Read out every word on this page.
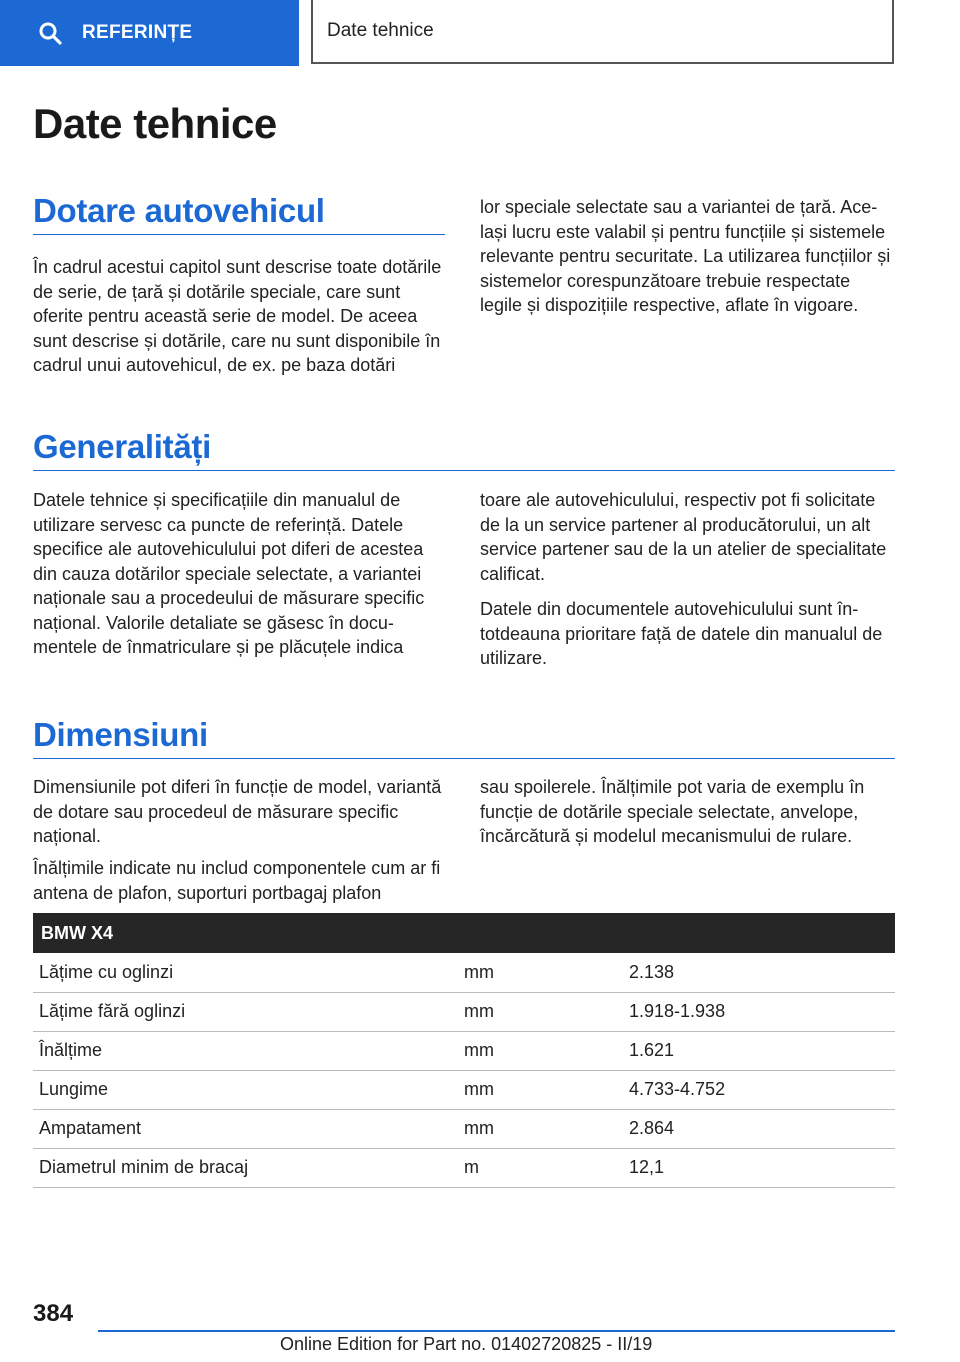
REFERINȚE	Date tehnice
Date tehnice
Dotare autovehicul

În cadrul acestui capitol sunt descrise toate dotările de serie, de țară și dotările speciale, care sunt oferite pentru această serie de model. De aceea sunt descrise și dotările, care nu sunt disponibile în cadrul unui autovehicul, de ex. pe baza dotări

lor speciale selectate sau a variantei de țară. Același lucru este valabil și pentru funcțiile și sistemele relevante pentru securitate. La utilizarea funcțiilor și sistemelor corespunzătoare trebuie respectate legile și dispozițiile respective, aflate în vigoare.

Generalități

Datele tehnice și specificațiile din manualul de utilizare servesc ca puncte de referință. Datele specifice ale autovehiculului pot diferi de acestea din cauza dotărilor speciale selectate, a variantei naționale sau a procedeului de măsurare specific național. Valorile detaliate se găsesc în documentele de înmatriculare și pe plăcuțele indica

toare ale autovehiculului, respectiv pot fi solicitate de la un service partener al producătorului, un alt service partener sau de la un atelier de specialitate calificat.

Datele din documentele autovehiculului sunt întotdeauna prioritare față de datele din manualul de utilizare.

Dimensiuni

Dimensiunile pot diferi în funcție de model, variantă de dotare sau procedeul de măsurare specific național.

Înălțimile indicate nu includ componentele cum ar fi antena de plafon, suporturi portbagaj plafon

sau spoilerele. Înălțimile pot varia de exemplu în funcție de dotările speciale selectate, anvelope, încărcătură și modelul mecanismului de rulare.

BMW X4		
Lățime cu oglinzi	mm	2.138
Lățime fără oglinzi	mm	1.918-1.938
Înălțime	mm	1.621
Lungime	mm	4.733-4.752
Ampatament	mm	2.864
Diametrul minim de bracaj	m	12,1
384
Online Edition for Part no. 01402720825 - II/19
